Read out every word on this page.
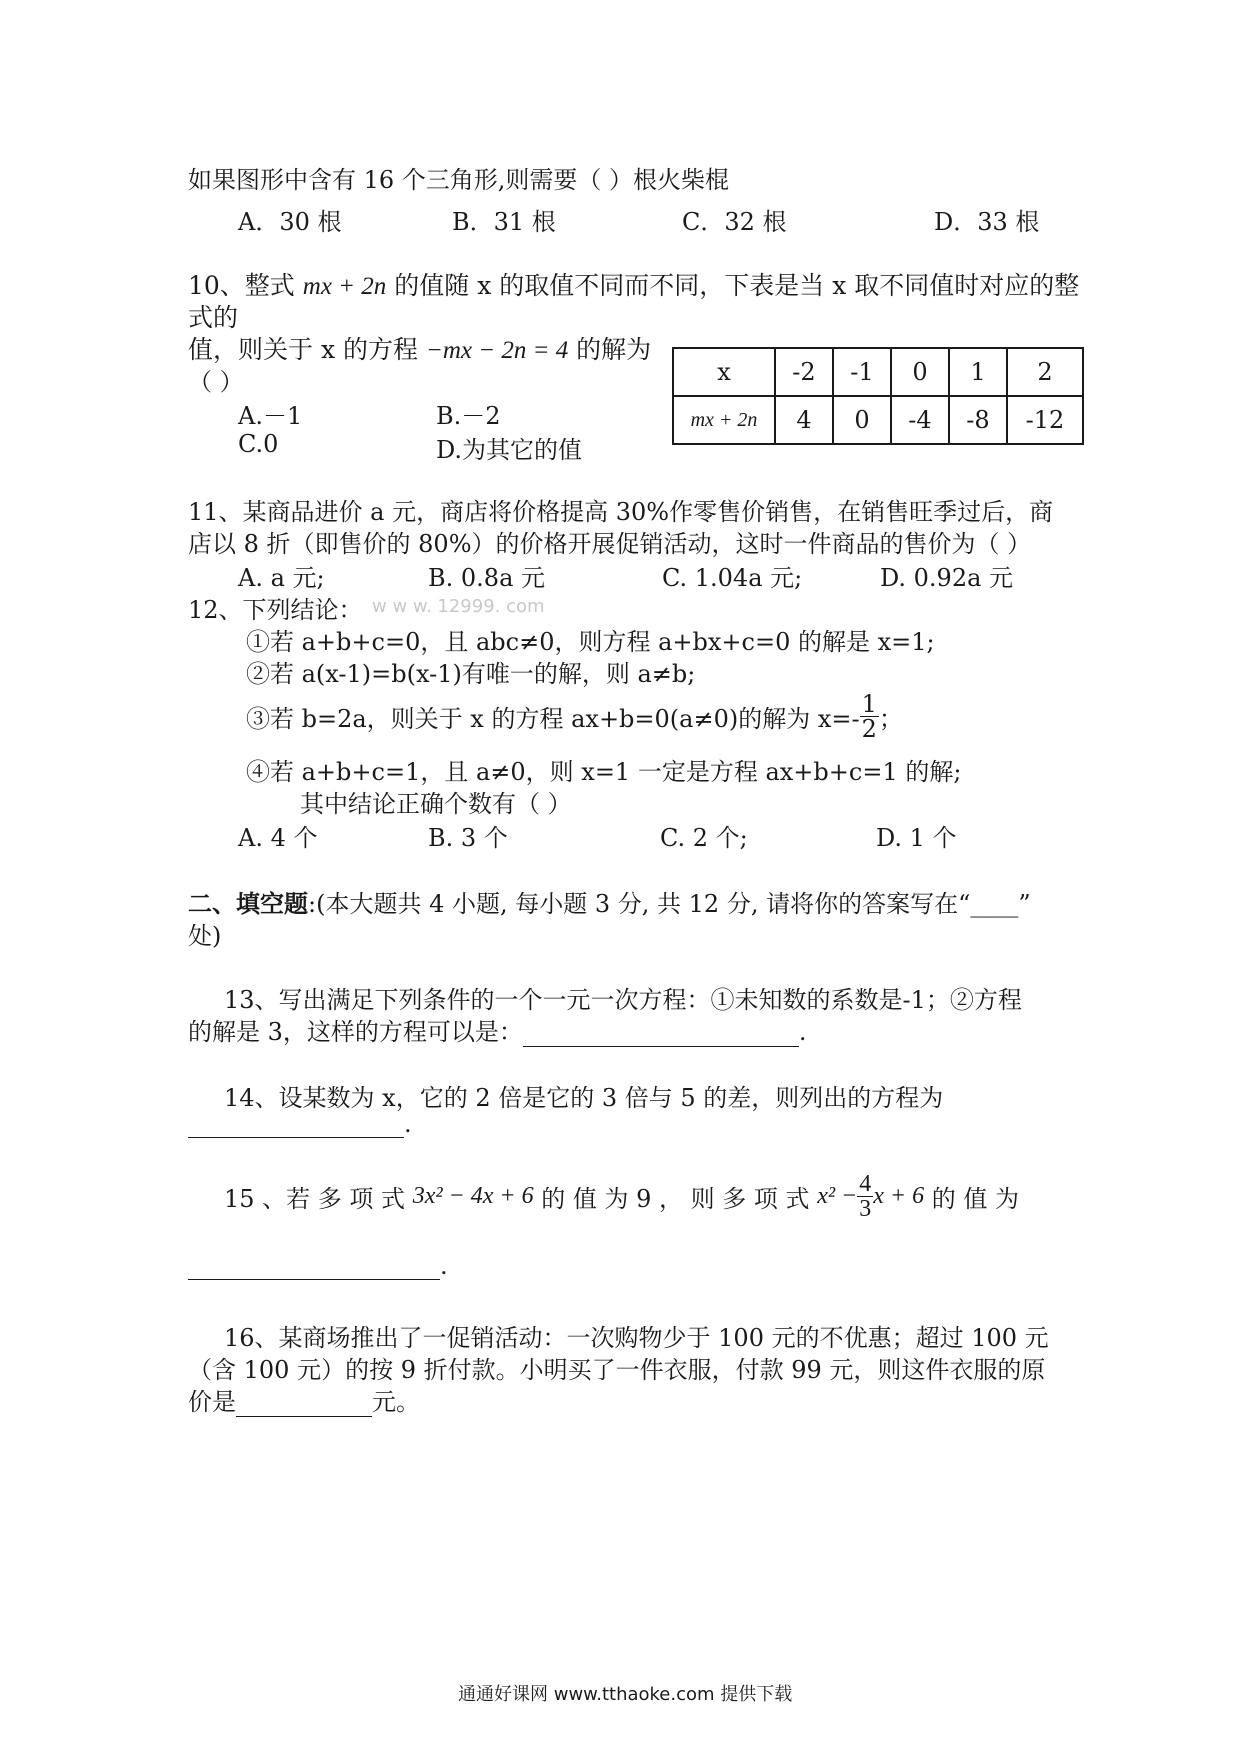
如果图形中含有 16 个三角形,则需要（ ）根火柴棍
A．30 根	B．31 根	C．32 根	D．33 根
10、整式 mx + 2n 的值随 x 的取值不同而不同，下表是当 x 取不同值时对应的整
式的
值，则关于 x 的方程 −mx − 2n = 4 的解为
（ ）
A.－1	B.－2
C.0	D.为其它的值
x	-2	-1	0	1	2
mx + 2n	4	0	-4	-8	-12
11、某商品进价 a 元，商店将价格提高 30%作零售价销售，在销售旺季过后，商
店以 8 折（即售价的 80%）的价格开展促销活动，这时一件商品的售价为（ ）
A. a 元;	B. 0.8a 元	C. 1.04a 元;	D. 0.92a 元
12、下列结论： w w w. 12999. com
①若 a+b+c=0，且 abc≠0，则方程 a+bx+c=0 的解是 x=1;
②若 a(x-1)=b(x-1)有唯一的解，则 a≠b;
③若 b=2a，则关于 x 的方程 ax+b=0(a≠0)的解为 $x=- \frac{1}{2}$ ；
④若 a+b+c=1，且 a≠0，则 x=1 一定是方程 ax+b+c=1 的解;
其中结论正确个数有（ ）
A. 4 个	B. 3 个	C. 2 个;	D. 1 个
二、填空题:(本大题共 4 小题, 每小题 3 分, 共 12 分, 请将你的答案写在“____”
处)
13、写出满足下列条件的一个一元一次方程：①未知数的系数是-1；②方程
的解是 3，这样的方程可以是：	.
14、设某数为 x，它的 2 倍是它的 3 倍与 5 的差，则列出的方程为
.
15 、若 多 项 式 3x² − 4x + 6 的 值 为 9 ， 则 多 项 式 $x^2 - \frac{4}{3}$ x + 6 的 值 为
.
16、某商场推出了一促销活动：一次购物少于 100 元的不优惠；超过 100 元
（含 100 元）的按 9 折付款。小明买了一件衣服，付款 99 元，则这件衣服的原
价是	元。
通通好课网 www.tthaoke.com 提供下载
